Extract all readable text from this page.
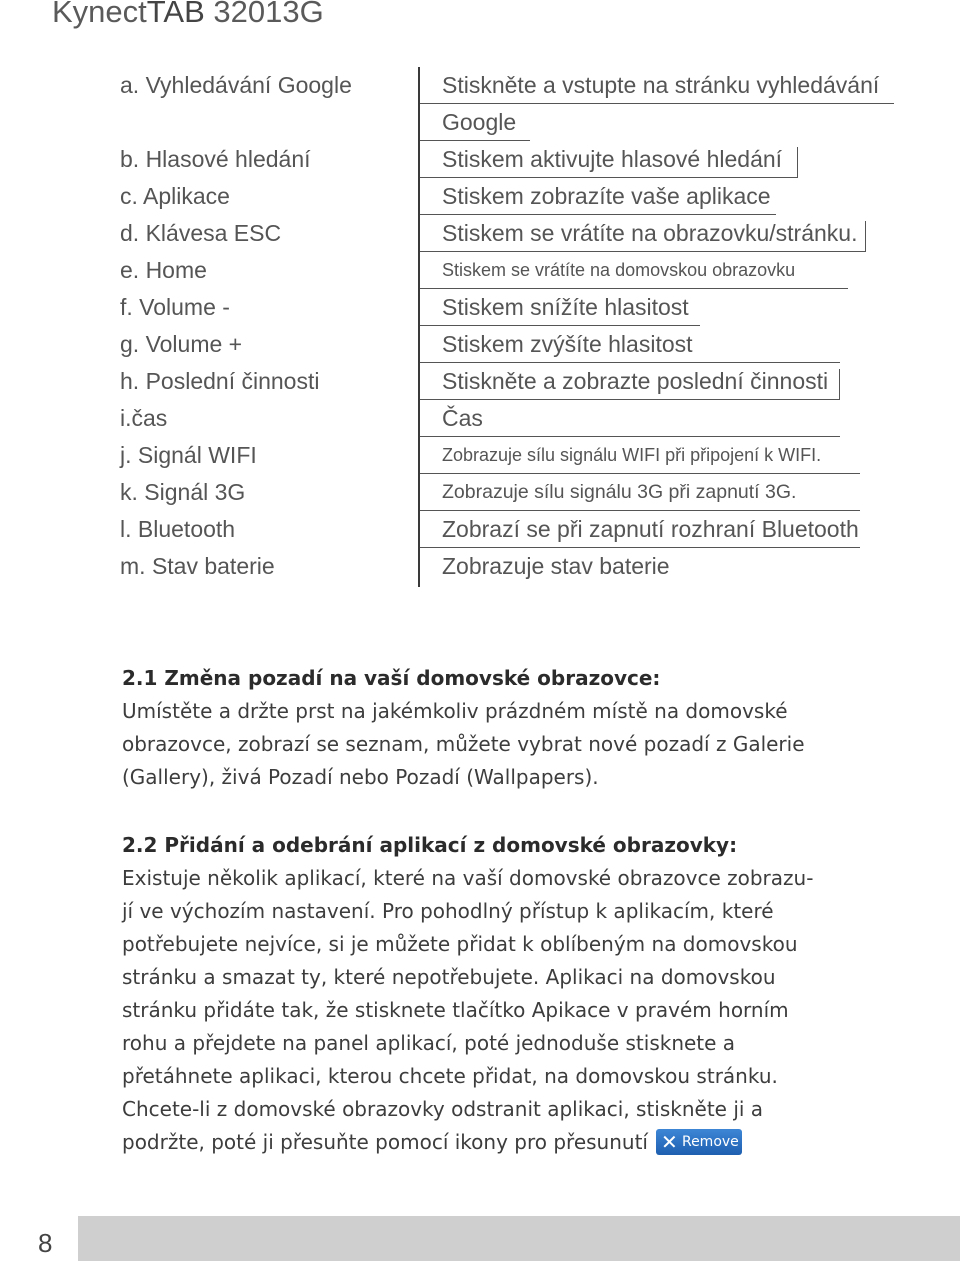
KynectTAB 32013G
a. Vyhledávání Google	Stiskněte a vstupte na stránku vyhledávání
Google
b. Hlasové hledání	Stiskem aktivujte hlasové hledání
c. Aplikace	Stiskem zobrazíte vaše aplikace
d. Klávesa ESC	Stiskem se vrátíte na obrazovku/stránku.
e. Home	Stiskem se vrátíte na domovskou obrazovku
f. Volume -	Stiskem snížíte hlasitost
g. Volume +	Stiskem zvýšíte hlasitost
h. Poslední činnosti	Stiskněte a zobrazte poslední činnosti
i.čas	Čas
j. Signál WIFI	Zobrazuje sílu signálu WIFI při připojení k WIFI.
k. Signál 3G	Zobrazuje sílu signálu 3G při zapnutí 3G.
l. Bluetooth	Zobrazí se při zapnutí rozhraní Bluetooth
m. Stav baterie	Zobrazuje stav baterie
2.1 Změna pozadí na vaší domovské obrazovce:
Umístěte a držte prst na jakémkoliv prázdném místě na domovské
obrazovce, zobrazí se seznam, můžete vybrat nové pozadí z Galerie
(Gallery), živá Pozadí nebo Pozadí (Wallpapers).
2.2 Přidání a odebrání aplikací z domovské obrazovky:
Existuje několik aplikací, které na vaší domovské obrazovce zobrazu-
jí ve výchozím nastavení. Pro pohodlný přístup k aplikacím, které
potřebujete nejvíce, si je můžete přidat k oblíbeným na domovskou
stránku a smazat ty, které nepotřebujete. Aplikaci na domovskou
stránku přidáte tak, že stisknete tlačítko Apikace v pravém horním
rohu a přejdete na panel aplikací, poté jednoduše stisknete a
přetáhnete aplikaci, kterou chcete přidat, na domovskou stránku.
Chcete-li z domovské obrazovky odstranit aplikaci, stiskněte ji a
podržte, poté ji přesuňte pomocí ikony pro přesunutí ✕ Remove
8
